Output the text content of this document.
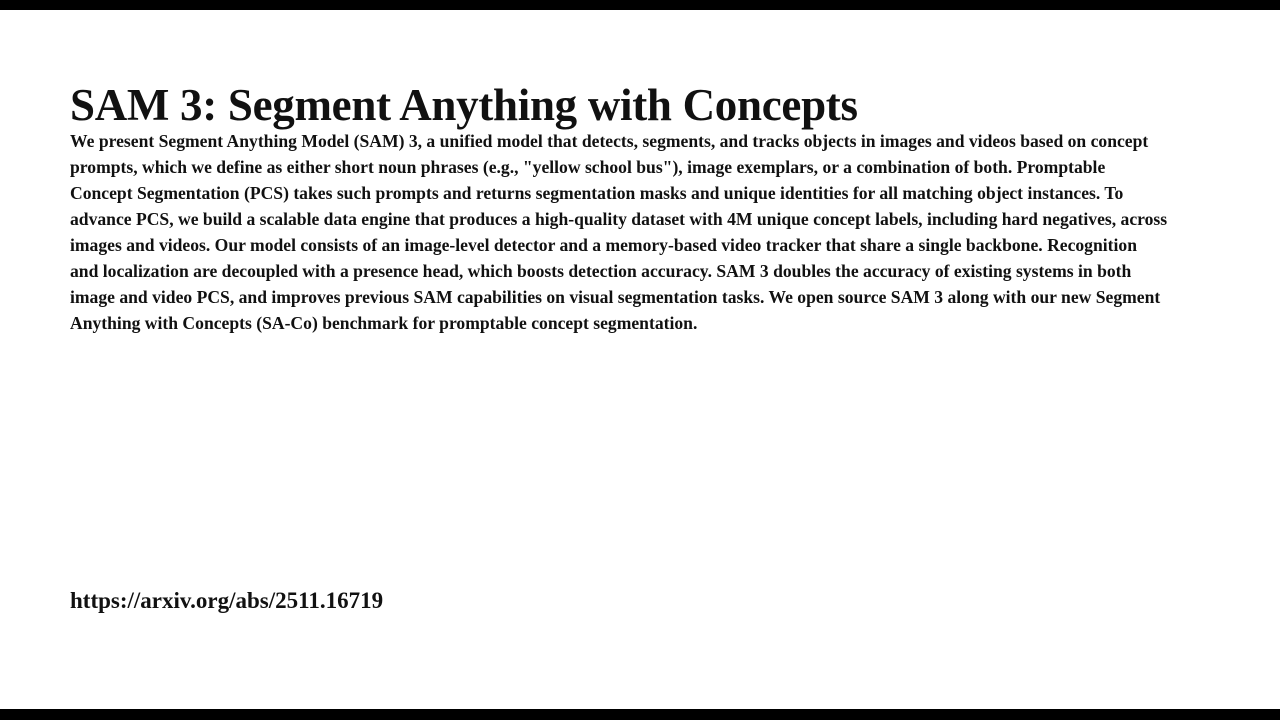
SAM 3: Segment Anything with Concepts
We present Segment Anything Model (SAM) 3, a unified model that detects, segments, and tracks objects in images and videos based on concept
prompts, which we define as either short noun phrases (e.g., "yellow school bus"), image exemplars, or a combination of both. Promptable
Concept Segmentation (PCS) takes such prompts and returns segmentation masks and unique identities for all matching object instances. To
advance PCS, we build a scalable data engine that produces a high-quality dataset with 4M unique concept labels, including hard negatives, across
images and videos. Our model consists of an image-level detector and a memory-based video tracker that share a single backbone. Recognition
and localization are decoupled with a presence head, which boosts detection accuracy. SAM 3 doubles the accuracy of existing systems in both
image and video PCS, and improves previous SAM capabilities on visual segmentation tasks. We open source SAM 3 along with our new Segment
Anything with Concepts (SA-Co) benchmark for promptable concept segmentation.
https://arxiv.org/abs/2511.16719
